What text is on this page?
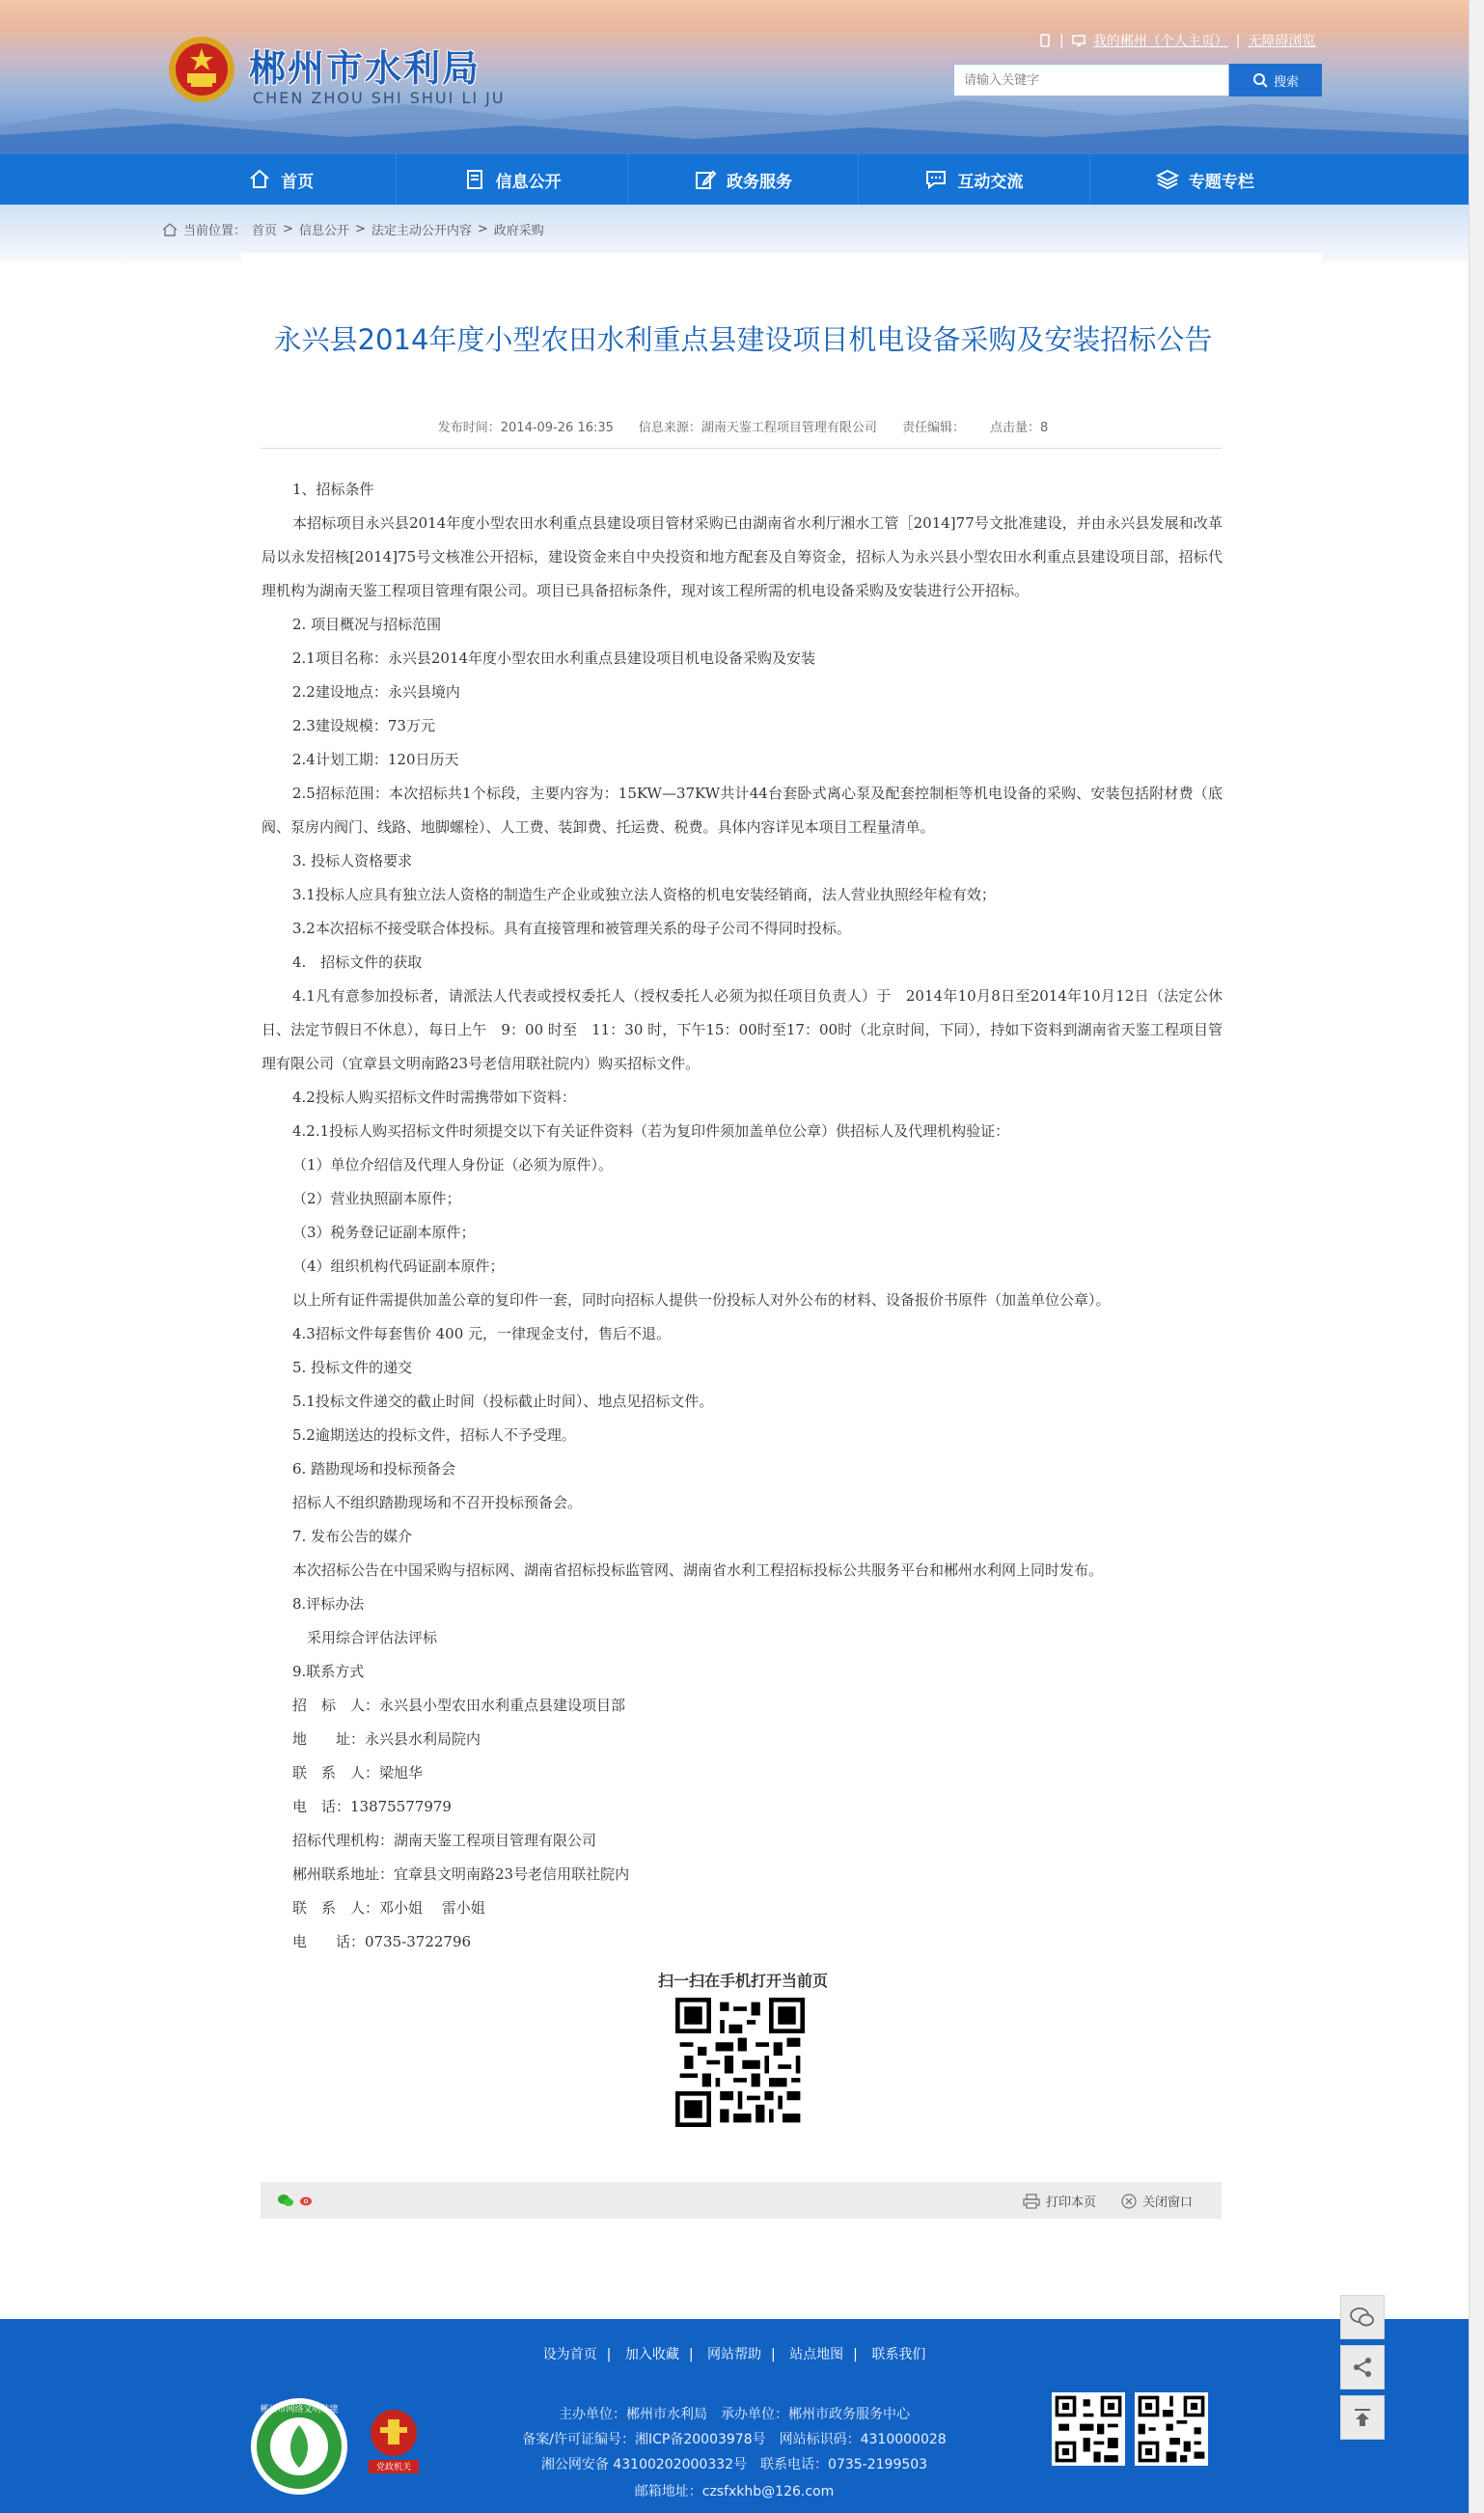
郴州市水利局
CHEN ZHOU SHI SHUI LI JU
| 我的郴州（个人主页） | 无障碍浏览
请输入关键字
搜索
首页	信息公开	政务服务	互动交流	专题专栏
当前位置： 首页 > 信息公开 > 法定主动公开内容 > 政府采购
永兴县2014年度小型农田水利重点县建设项目机电设备采购及安装招标公告
发布时间：2014-09-26 16:35 信息来源：湖南天鉴工程项目管理有限公司 责任编辑： 点击量：8

1、招标条件

本招标项目永兴县2014年度小型农田水利重点县建设项目管材采购已由湖南省水利厅湘水工管［2014]77号文批准建设，并由永兴县发展和改革局以永发招核[2014]75号文核准公开招标，建设资金来自中央投资和地方配套及自筹资金，招标人为永兴县小型农田水利重点县建设项目部，招标代理机构为湖南天鉴工程项目管理有限公司。项目已具备招标条件，现对该工程所需的机电设备采购及安装进行公开招标。

2. 项目概况与招标范围

2.1项目名称：永兴县2014年度小型农田水利重点县建设项目机电设备采购及安装

2.2建设地点：永兴县境内

2.3建设规模：73万元

2.4计划工期：120日历天

2.5招标范围：本次招标共1个标段，主要内容为：15KW—37KW共计44台套卧式离心泵及配套控制柜等机电设备的采购、安装包括附材费（底阀、泵房内阀门、线路、地脚螺栓）、人工费、装卸费、托运费、税费。具体内容详见本项目工程量清单。

3. 投标人资格要求

3.1投标人应具有独立法人资格的制造生产企业或独立法人资格的机电安装经销商，法人营业执照经年检有效；

3.2本次招标不接受联合体投标。具有直接管理和被管理关系的母子公司不得同时投标。

4.　招标文件的获取

4.1凡有意参加投标者，请派法人代表或授权委托人（授权委托人必须为拟任项目负责人）于　2014年10月8日至2014年10月12日（法定公休日、法定节假日不休息），每日上午　9：00 时至　11：30 时，下午15：00时至17：00时（北京时间，下同），持如下资料到湖南省天鉴工程项目管理有限公司（宜章县文明南路23号老信用联社院内）购买招标文件。

4.2投标人购买招标文件时需携带如下资料：

4.2.1投标人购买招标文件时须提交以下有关证件资料（若为复印件须加盖单位公章）供招标人及代理机构验证：

（1）单位介绍信及代理人身份证（必须为原件）。

（2）营业执照副本原件；

（3）税务登记证副本原件；

（4）组织机构代码证副本原件；

以上所有证件需提供加盖公章的复印件一套，同时向招标人提供一份投标人对外公布的材料、设备报价书原件（加盖单位公章）。

4.3招标文件每套售价 400 元，一律现金支付，售后不退。

5. 投标文件的递交

5.1投标文件递交的截止时间（投标截止时间）、地点见招标文件。

5.2逾期送达的投标文件，招标人不予受理。

6. 踏勘现场和投标预备会

招标人不组织踏勘现场和不召开投标预备会。

7. 发布公告的媒介

本次招标公告在中国采购与招标网、湖南省招标投标监管网、湖南省水利工程招标投标公共服务平台和郴州水利网上同时发布。

8.评标办法

　采用综合评估法评标

9.联系方式

招　标　人：永兴县小型农田水利重点县建设项目部

地　　址：永兴县水利局院内

联　系　人：梁旭华

电　话：13875577979

招标代理机构：湖南天鉴工程项目管理有限公司

郴州联系地址：宜章县文明南路23号老信用联社院内

联　系　人：邓小姐　 雷小姐

电　　话：0735-3722796

扫一扫在手机打开当前页
打印本页	关闭窗口
设为首页 | 加入收藏 | 网站帮助 | 站点地图 | 联系我们
郴州市网络文明共建
党政机关
主办单位：郴州市水利局　承办单位：郴州市政务服务中心
备案/许可证编号：湘ICP备20003978号　网站标识码：4310000028
湘公网安备 43100202000332号　联系电话：0735-2199503
邮箱地址：czsfxkhb@126.com
